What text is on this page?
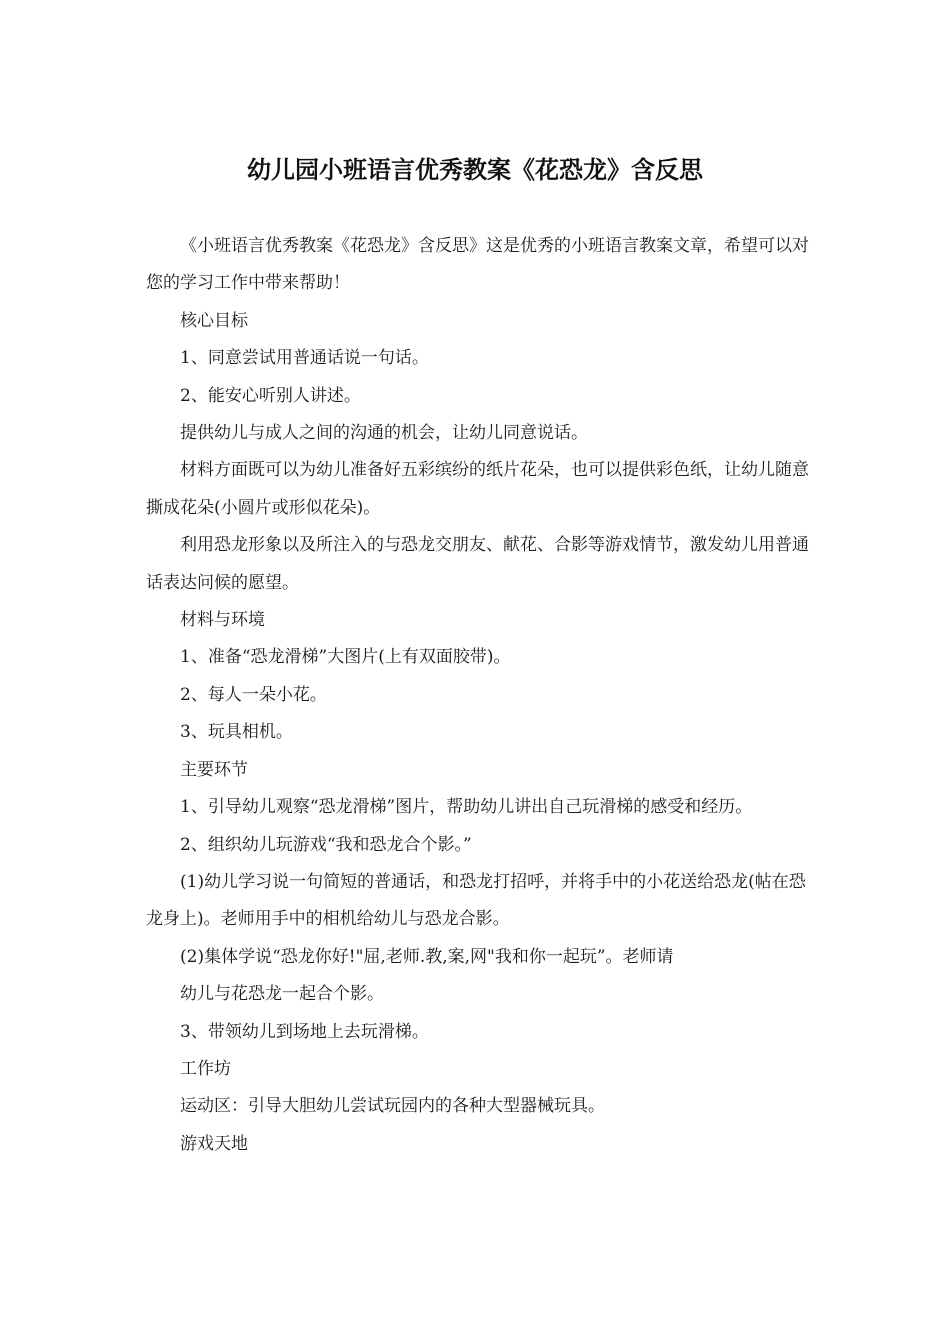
幼儿园小班语言优秀教案《花恐龙》含反思

《小班语言优秀教案《花恐龙》含反思》这是优秀的小班语言教案文章，希望可以对您的学习工作中带来帮助！

核心目标

1、同意尝试用普通话说一句话。

2、能安心听别人讲述。

提供幼儿与成人之间的沟通的机会，让幼儿同意说话。

材料方面既可以为幼儿准备好五彩缤纷的纸片花朵，也可以提供彩色纸，让幼儿随意撕成花朵(小圆片或形似花朵)。

利用恐龙形象以及所注入的与恐龙交朋友、献花、合影等游戏情节，激发幼儿用普通话表达问候的愿望。

材料与环境

1、准备“恐龙滑梯”大图片(上有双面胶带)。

2、每人一朵小花。

3、玩具相机。

主要环节

1、引导幼儿观察“恐龙滑梯”图片，帮助幼儿讲出自己玩滑梯的感受和经历。

2、组织幼儿玩游戏“我和恐龙合个影。”

(1)幼儿学习说一句简短的普通话，和恐龙打招呼，并将手中的小花送给恐龙(帖在恐龙身上)。老师用手中的相机给幼儿与恐龙合影。

(2)集体学说“恐龙你好!"屈,老师.教,案,网"我和你一起玩”。老师请

幼儿与花恐龙一起合个影。

3、带领幼儿到场地上去玩滑梯。

工作坊

运动区：引导大胆幼儿尝试玩园内的各种大型器械玩具。

游戏天地
